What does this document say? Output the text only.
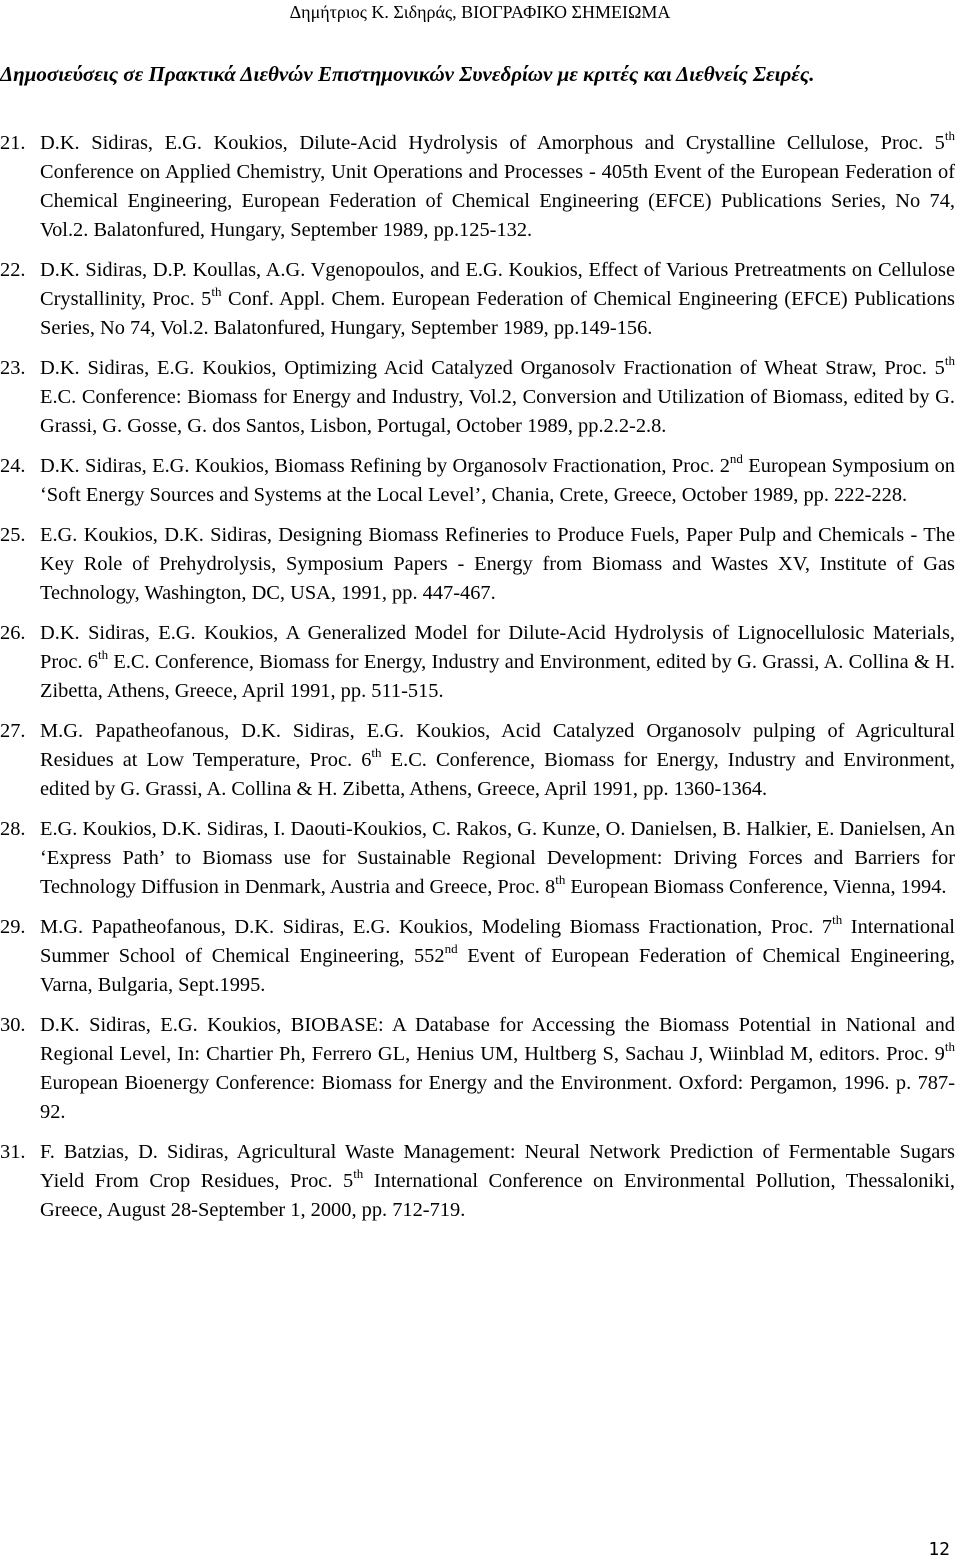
Δημήτριος Κ. Σιδηράς, ΒΙΟΓΡΑΦΙΚΟ ΣΗΜΕΙΩΜΑ
Δημοσιεύσεις σε Πρακτικά Διεθνών Επιστημονικών Συνεδρίων με κριτές και Διεθνείς Σειρές.
21. D.K. Sidiras, E.G. Koukios, Dilute-Acid Hydrolysis of Amorphous and Crystalline Cellulose, Proc. 5th Conference on Applied Chemistry, Unit Operations and Processes - 405th Event of the European Federation of Chemical Engineering, European Federation of Chemical Engineering (EFCE) Publications Series, No 74, Vol.2. Balatonfured, Hungary, September 1989, pp.125-132.
22. D.K. Sidiras, D.P. Koullas, A.G. Vgenopoulos, and E.G. Koukios, Effect of Various Pretreatments on Cellulose Crystallinity, Proc. 5th Conf. Appl. Chem. European Federation of Chemical Engineering (EFCE) Publications Series, No 74, Vol.2. Balatonfured, Hungary, September 1989, pp.149-156.
23. D.K. Sidiras, E.G. Koukios, Optimizing Acid Catalyzed Organosolv Fractionation of Wheat Straw, Proc. 5th E.C. Conference: Biomass for Energy and Industry, Vol.2, Conversion and Utilization of Biomass, edited by G. Grassi, G. Gosse, G. dos Santos, Lisbon, Portugal, October 1989, pp.2.2-2.8.
24. D.K. Sidiras, E.G. Koukios, Biomass Refining by Organosolv Fractionation, Proc. 2nd European Symposium on ‘Soft Energy Sources and Systems at the Local Level’, Chania, Crete, Greece, October 1989, pp. 222-228.
25. E.G. Koukios, D.K. Sidiras, Designing Biomass Refineries to Produce Fuels, Paper Pulp and Chemicals - The Key Role of Prehydrolysis, Symposium Papers - Energy from Biomass and Wastes XV, Institute of Gas Technology, Washington, DC, USA, 1991, pp. 447-467.
26. D.K. Sidiras, E.G. Koukios, A Generalized Model for Dilute-Acid Hydrolysis of Lignocellulosic Materials, Proc. 6th E.C. Conference, Biomass for Energy, Industry and Environment, edited by G. Grassi, A. Collina & H. Zibetta, Athens, Greece, April 1991, pp. 511-515.
27. M.G. Papatheofanous, D.K. Sidiras, E.G. Koukios, Acid Catalyzed Organosolv pulping of Agricultural Residues at Low Temperature, Proc. 6th E.C. Conference, Biomass for Energy, Industry and Environment, edited by G. Grassi, A. Collina & H. Zibetta, Athens, Greece, April 1991, pp. 1360-1364.
28. E.G. Koukios, D.K. Sidiras, I. Daouti-Koukios, C. Rakos, G. Kunze, O. Danielsen, B. Halkier, E. Danielsen, An ‘Express Path’ to Biomass use for Sustainable Regional Development: Driving Forces and Barriers for Technology Diffusion in Denmark, Austria and Greece, Proc. 8th European Biomass Conference, Vienna, 1994.
29. M.G. Papatheofanous, D.K. Sidiras, E.G. Koukios, Modeling Biomass Fractionation, Proc. 7th International Summer School of Chemical Engineering, 552nd Event of European Federation of Chemical Engineering, Varna, Bulgaria, Sept.1995.
30. D.K. Sidiras, E.G. Koukios, BIOBASE: A Database for Accessing the Biomass Potential in National and Regional Level, In: Chartier Ph, Ferrero GL, Henius UM, Hultberg S, Sachau J, Wiinblad M, editors. Proc. 9th European Bioenergy Conference: Biomass for Energy and the Environment. Oxford: Pergamon, 1996. p. 787-92.
31. F. Batzias, D. Sidiras, Agricultural Waste Management: Neural Network Prediction of Fermentable Sugars Yield From Crop Residues, Proc. 5th International Conference on Environmental Pollution, Thessaloniki, Greece, August 28-September 1, 2000, pp. 712-719.
12
